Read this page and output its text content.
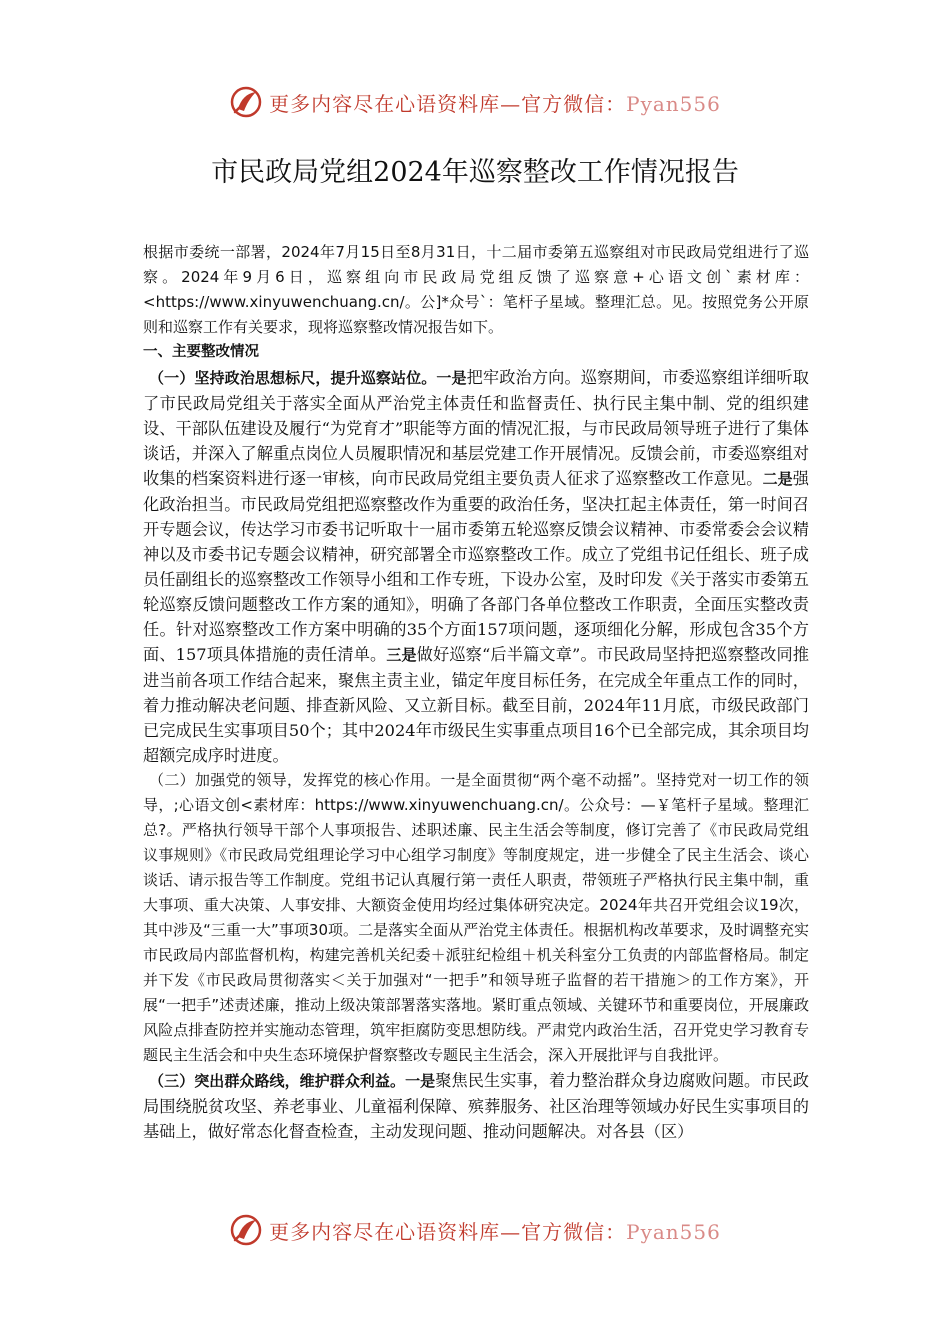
更多内容尽在心语资料库—官方微信：Pyan556
市民政局党组2024年巡察整改工作情况报告

根据市委统一部署，2024年7月15日至8月31日，十二届市委第五巡察组对市民政局党组进行了巡察。2024年9月6日，巡察组向市民政局党组反馈了巡察意+心语文创`素材库：<https://www.xinyuwenchuang.cn/。公]*众号`：笔杆子星域。整理汇总。见。按照党务公开原则和巡察工作有关要求，现将巡察整改情况报告如下。

一、主要整改情况

（一）坚持政治思想标尺，提升巡察站位。一是把牢政治方向。巡察期间，市委巡察组详细听取了市民政局党组关于落实全面从严治党主体责任和监督责任、执行民主集中制、党的组织建设、干部队伍建设及履行“为党育才”职能等方面的情况汇报，与市民政局领导班子进行了集体谈话，并深入了解重点岗位人员履职情况和基层党建工作开展情况。反馈会前，市委巡察组对收集的档案资料进行逐一审核，向市民政局党组主要负责人征求了巡察整改工作意见。二是强化政治担当。市民政局党组把巡察整改作为重要的政治任务，坚决扛起主体责任，第一时间召开专题会议，传达学习市委书记听取十一届市委第五轮巡察反馈会议精神、市委常委会会议精神以及市委书记专题会议精神，研究部署全市巡察整改工作。成立了党组书记任组长、班子成员任副组长的巡察整改工作领导小组和工作专班，下设办公室，及时印发《关于落实市委第五轮巡察反馈问题整改工作方案的通知》，明确了各部门各单位整改工作职责，全面压实整改责任。针对巡察整改工作方案中明确的35个方面157项问题，逐项细化分解，形成包含35个方面、157项具体措施的责任清单。三是做好巡察“后半篇文章”。市民政局坚持把巡察整改同推进当前各项工作结合起来，聚焦主责主业，锚定年度目标任务，在完成全年重点工作的同时，着力推动解决老问题、排查新风险、又立新目标。截至目前，2024年11月底，市级民政部门已完成民生实事项目50个；其中2024年市级民生实事重点项目16个已全部完成，其余项目均超额完成序时进度。

（二）加强党的领导，发挥党的核心作用。一是全面贯彻“两个毫不动摇”。坚持党对一切工作的领导，;心语文创<素材库：https://www.xinyuwenchuang.cn/。公众号：—￥笔杆子星域。整理汇总?。严格执行领导干部个人事项报告、述职述廉、民主生活会等制度，修订完善了《市民政局党组议事规则》《市民政局党组理论学习中心组学习制度》等制度规定，进一步健全了民主生活会、谈心谈话、请示报告等工作制度。党组书记认真履行第一责任人职责，带领班子严格执行民主集中制，重大事项、重大决策、人事安排、大额资金使用均经过集体研究决定。2024年共召开党组会议19次，其中涉及“三重一大”事项30项。二是落实全面从严治党主体责任。根据机构改革要求，及时调整充实市民政局内部监督机构，构建完善机关纪委＋派驻纪检组＋机关科室分工负责的内部监督格局。制定并下发《市民政局贯彻落实＜关于加强对“一把手”和领导班子监督的若干措施＞的工作方案》，开展“一把手”述责述廉，推动上级决策部署落实落地。紧盯重点领域、关键环节和重要岗位，开展廉政风险点排查防控并实施动态管理，筑牢拒腐防变思想防线。严肃党内政治生活，召开党史学习教育专题民主生活会和中央生态环境保护督察整改专题民主生活会，深入开展批评与自我批评。

（三）突出群众路线，维护群众利益。一是聚焦民生实事，着力整治群众身边腐败问题。市民政局围绕脱贫攻坚、养老事业、儿童福利保障、殡葬服务、社区治理等领域办好民生实事项目的基础上，做好常态化督查检查，主动发现问题、推动问题解决。对各县（区）

更多内容尽在心语资料库—官方微信：Pyan556
